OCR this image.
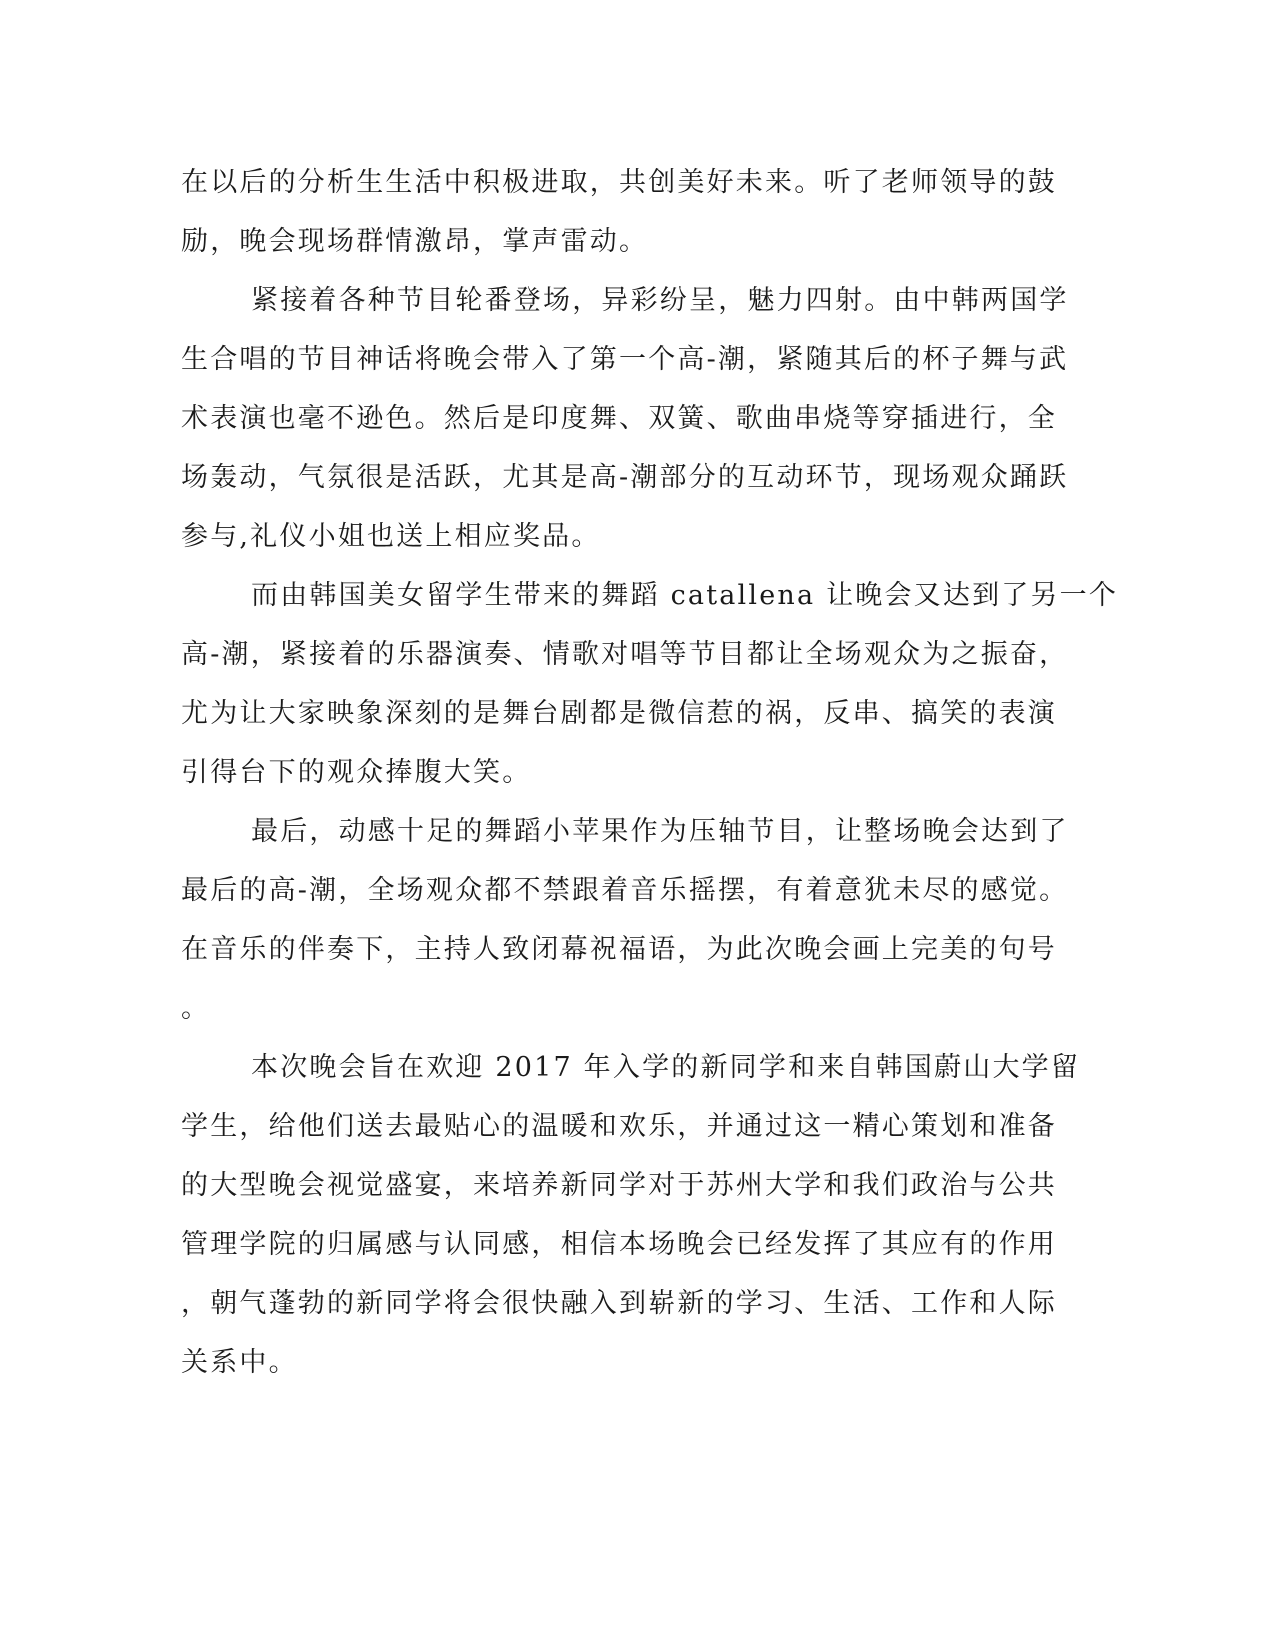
在以后的分析生生活中积极进取，共创美好未来。听了老师领导的鼓
励，晚会现场群情激昂，掌声雷动。

紧接着各种节目轮番登场，异彩纷呈，魅力四射。由中韩两国学
生合唱的节目神话将晚会带入了第一个高-潮，紧随其后的杯子舞与武
术表演也毫不逊色。然后是印度舞、双簧、歌曲串烧等穿插进行，全
场轰动，气氛很是活跃，尤其是高-潮部分的互动环节，现场观众踊跃
参与,礼仪小姐也送上相应奖品。

而由韩国美女留学生带来的舞蹈 catallena 让晚会又达到了另一个
高-潮，紧接着的乐器演奏、情歌对唱等节目都让全场观众为之振奋，
尤为让大家映象深刻的是舞台剧都是微信惹的祸，反串、搞笑的表演
引得台下的观众捧腹大笑。

最后，动感十足的舞蹈小苹果作为压轴节目，让整场晚会达到了
最后的高-潮，全场观众都不禁跟着音乐摇摆，有着意犹未尽的感觉。
在音乐的伴奏下，主持人致闭幕祝福语，为此次晚会画上完美的句号
。

本次晚会旨在欢迎 2017 年入学的新同学和来自韩国蔚山大学留
学生，给他们送去最贴心的温暖和欢乐，并通过这一精心策划和准备
的大型晚会视觉盛宴，来培养新同学对于苏州大学和我们政治与公共
管理学院的归属感与认同感，相信本场晚会已经发挥了其应有的作用
，朝气蓬勃的新同学将会很快融入到崭新的学习、生活、工作和人际
关系中。
